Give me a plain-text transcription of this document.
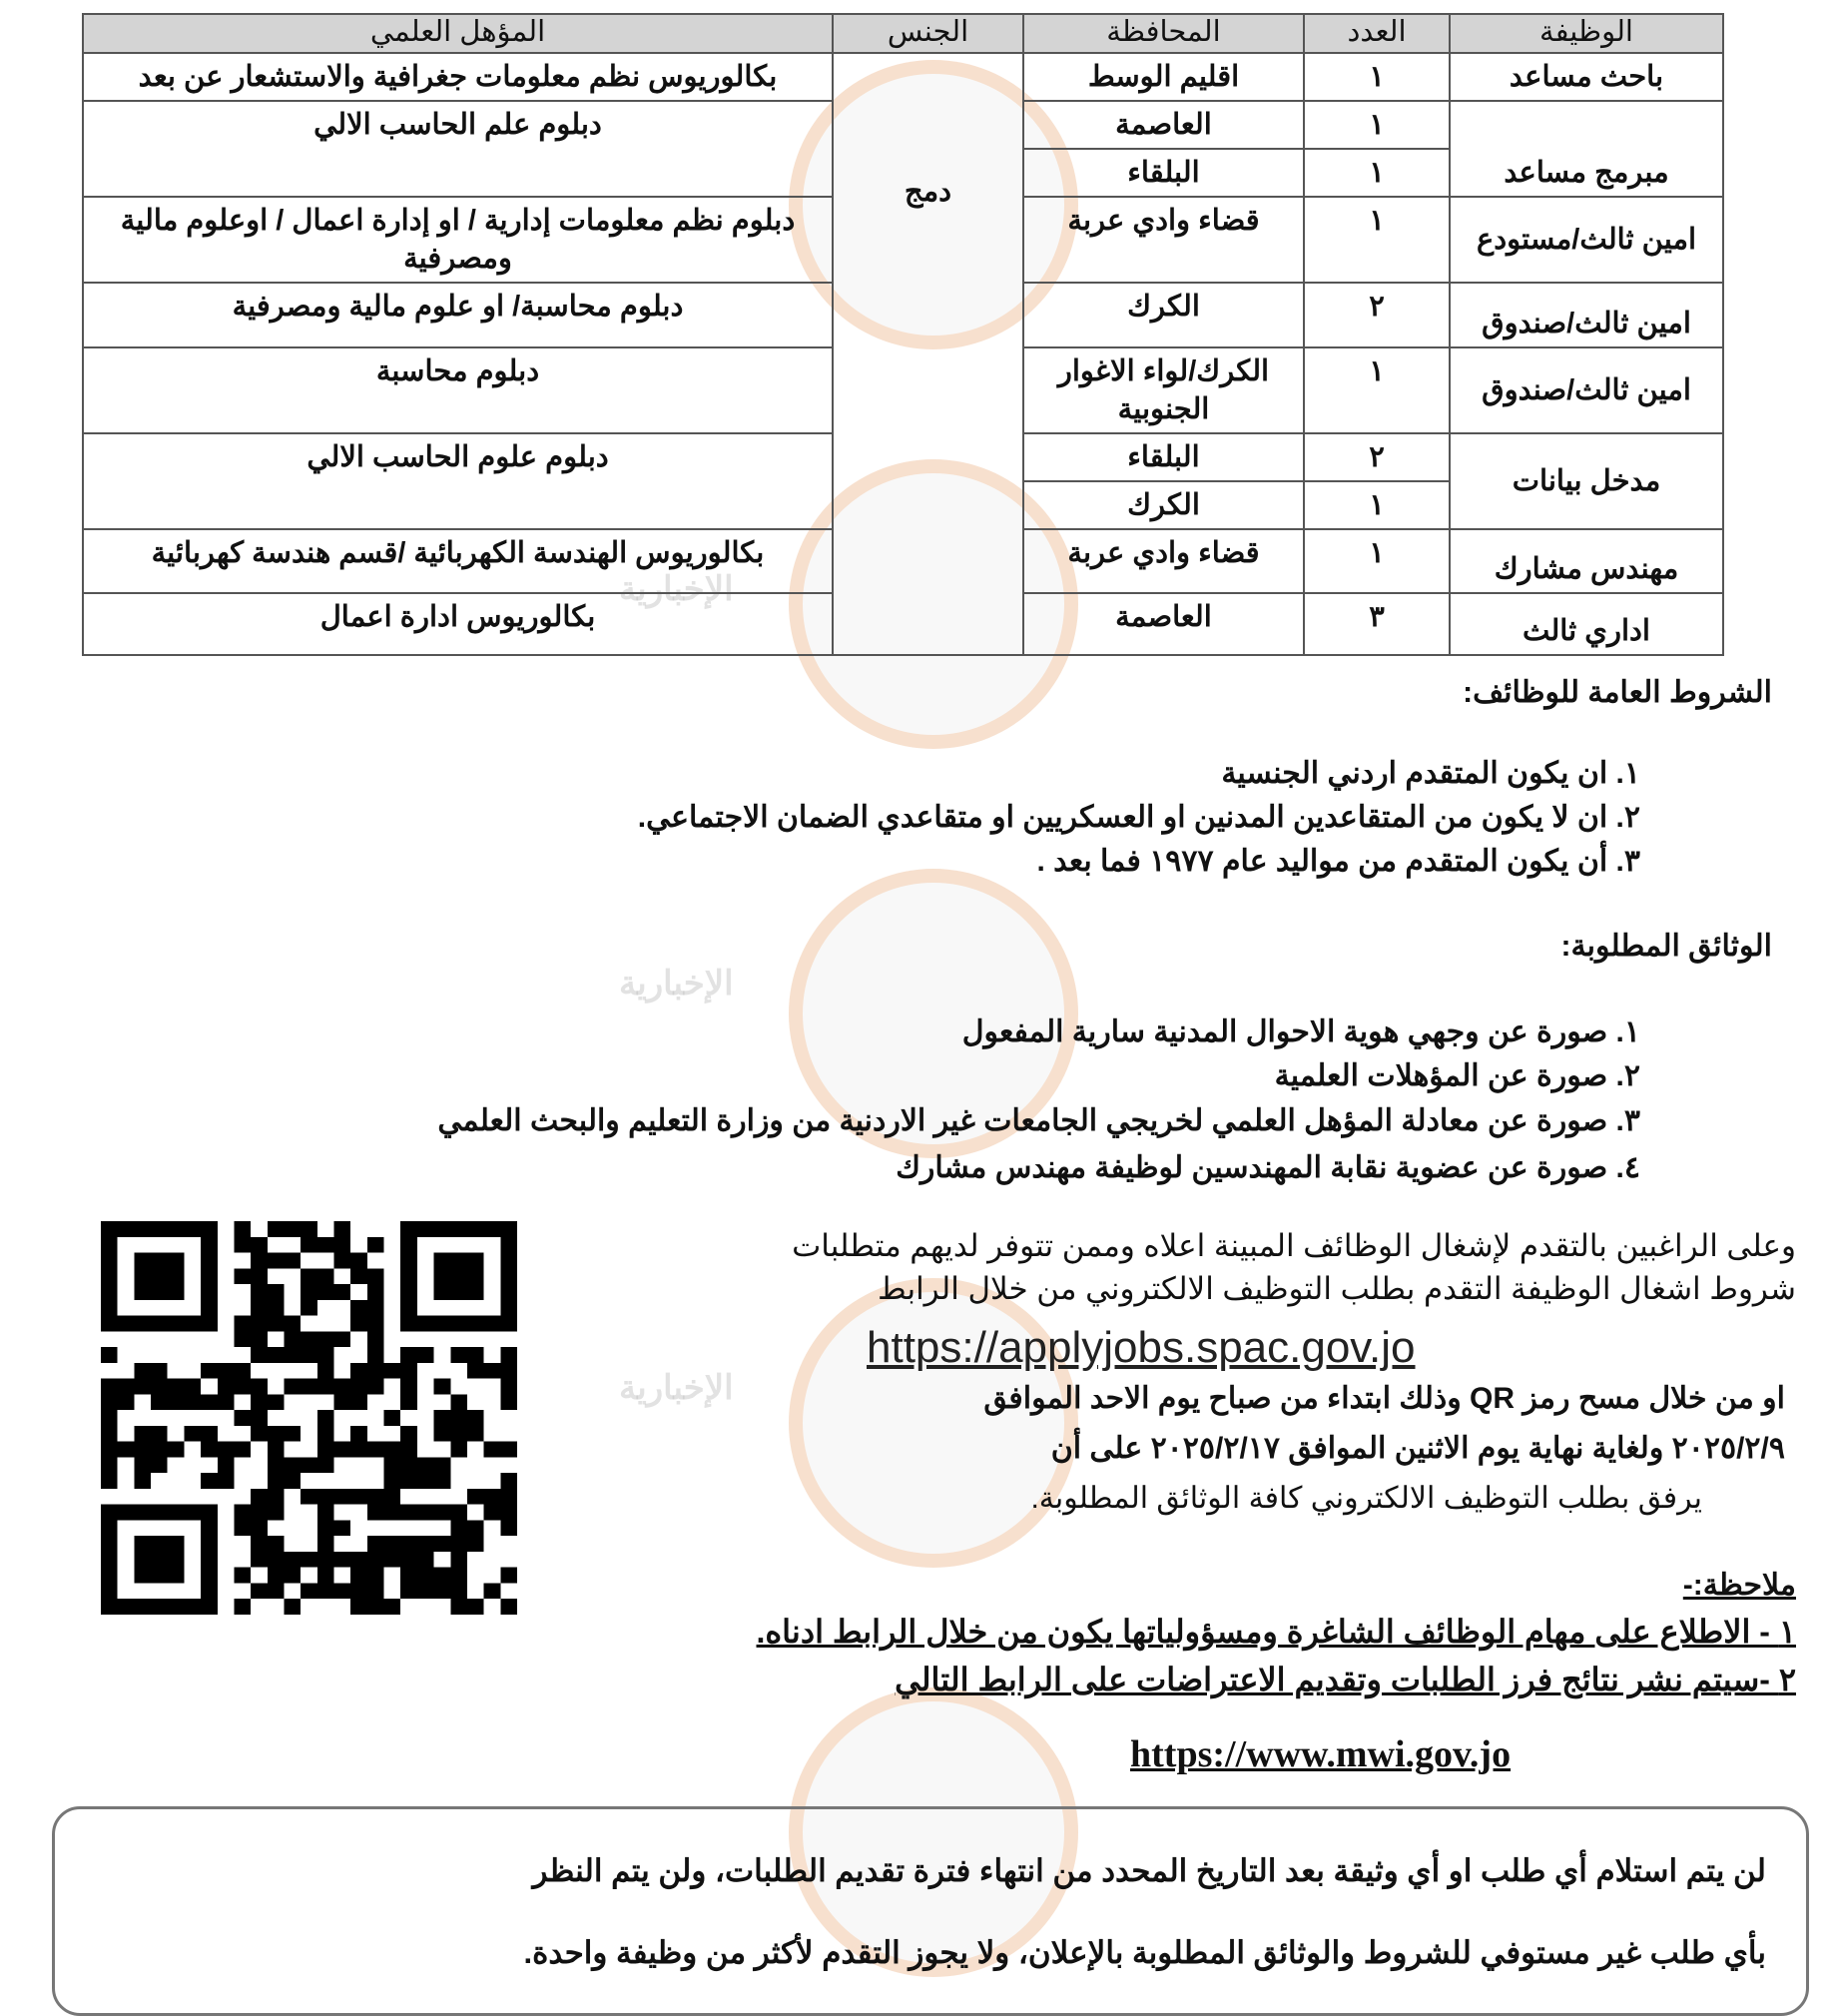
الإخبارية
الإخبارية
الإخبارية
الوظيفة	العدد	المحافظة	الجنس	المؤهل العلمي
باحث مساعد	١	اقليم الوسط	دمج	بكالوريوس نظم معلومات جغرافية والاستشعار عن بعد
مبرمج مساعد	١	العاصمة		دبلوم علم الحاسب الالي
	١	البلقاء		
امين ثالث/مستودع	١	قضاء وادي عربة		دبلوم نظم معلومات إدارية / او إدارة اعمال / اوعلوم مالية ومصرفية
امين ثالث/صندوق	٢	الكرك		دبلوم محاسبة/ او علوم مالية ومصرفية
امين ثالث/صندوق	١	الكرك/لواء الاغوار الجنوبية		دبلوم محاسبة
مدخل بيانات	٢	البلقاء		دبلوم علوم الحاسب الالي
	١	الكرك		
مهندس مشارك	١	قضاء وادي عربة		بكالوريوس الهندسة الكهربائية /قسم هندسة كهربائية
اداري ثالث	٣	العاصمة		بكالوريوس ادارة اعمال
الشروط العامة للوظائف:
١. ان يكون المتقدم اردني الجنسية
٢. ان لا يكون من المتقاعدين المدنين او العسكريين او متقاعدي الضمان الاجتماعي.
٣. أن يكون المتقدم من مواليد عام ١٩٧٧ فما بعد .
الوثائق المطلوبة:
١. صورة عن وجهي هوية الاحوال المدنية سارية المفعول
٢. صورة عن المؤهلات العلمية
٣. صورة عن معادلة المؤهل العلمي لخريجي الجامعات غير الاردنية من وزارة التعليم والبحث العلمي
٤. صورة عن عضوية نقابة المهندسين لوظيفة مهندس مشارك
وعلى الراغبين بالتقدم لإشغال الوظائف المبينة اعلاه وممن تتوفر لديهم متطلبات
شروط اشغال الوظيفة التقدم بطلب التوظيف الالكتروني من خلال الرابط
https://applyjobs.spac.gov.jo
او من خلال مسح رمز QR وذلك ابتداء من صباح يوم الاحد الموافق
٢٠٢٥/٢/٩ ولغاية نهاية يوم الاثنين الموافق ٢٠٢٥/٢/١٧ على أن
يرفق بطلب التوظيف الالكتروني كافة الوثائق المطلوبة.
ملاحظة:-
١ - الاطلاع على مهام الوظائف الشاغرة ومسؤولياتها يكون من خلال الرابط ادناه.
٢ -سيتم نشر نتائج فرز الطلبات وتقديم الاعتراضات على الرابط التالي
https://www.mwi.gov.jo
لن يتم استلام أي طلب او أي وثيقة بعد التاريخ المحدد من انتهاء فترة تقديم الطلبات، ولن يتم النظر
بأي طلب غير مستوفي للشروط والوثائق المطلوبة بالإعلان، ولا يجوز التقدم لأكثر من وظيفة واحدة.
